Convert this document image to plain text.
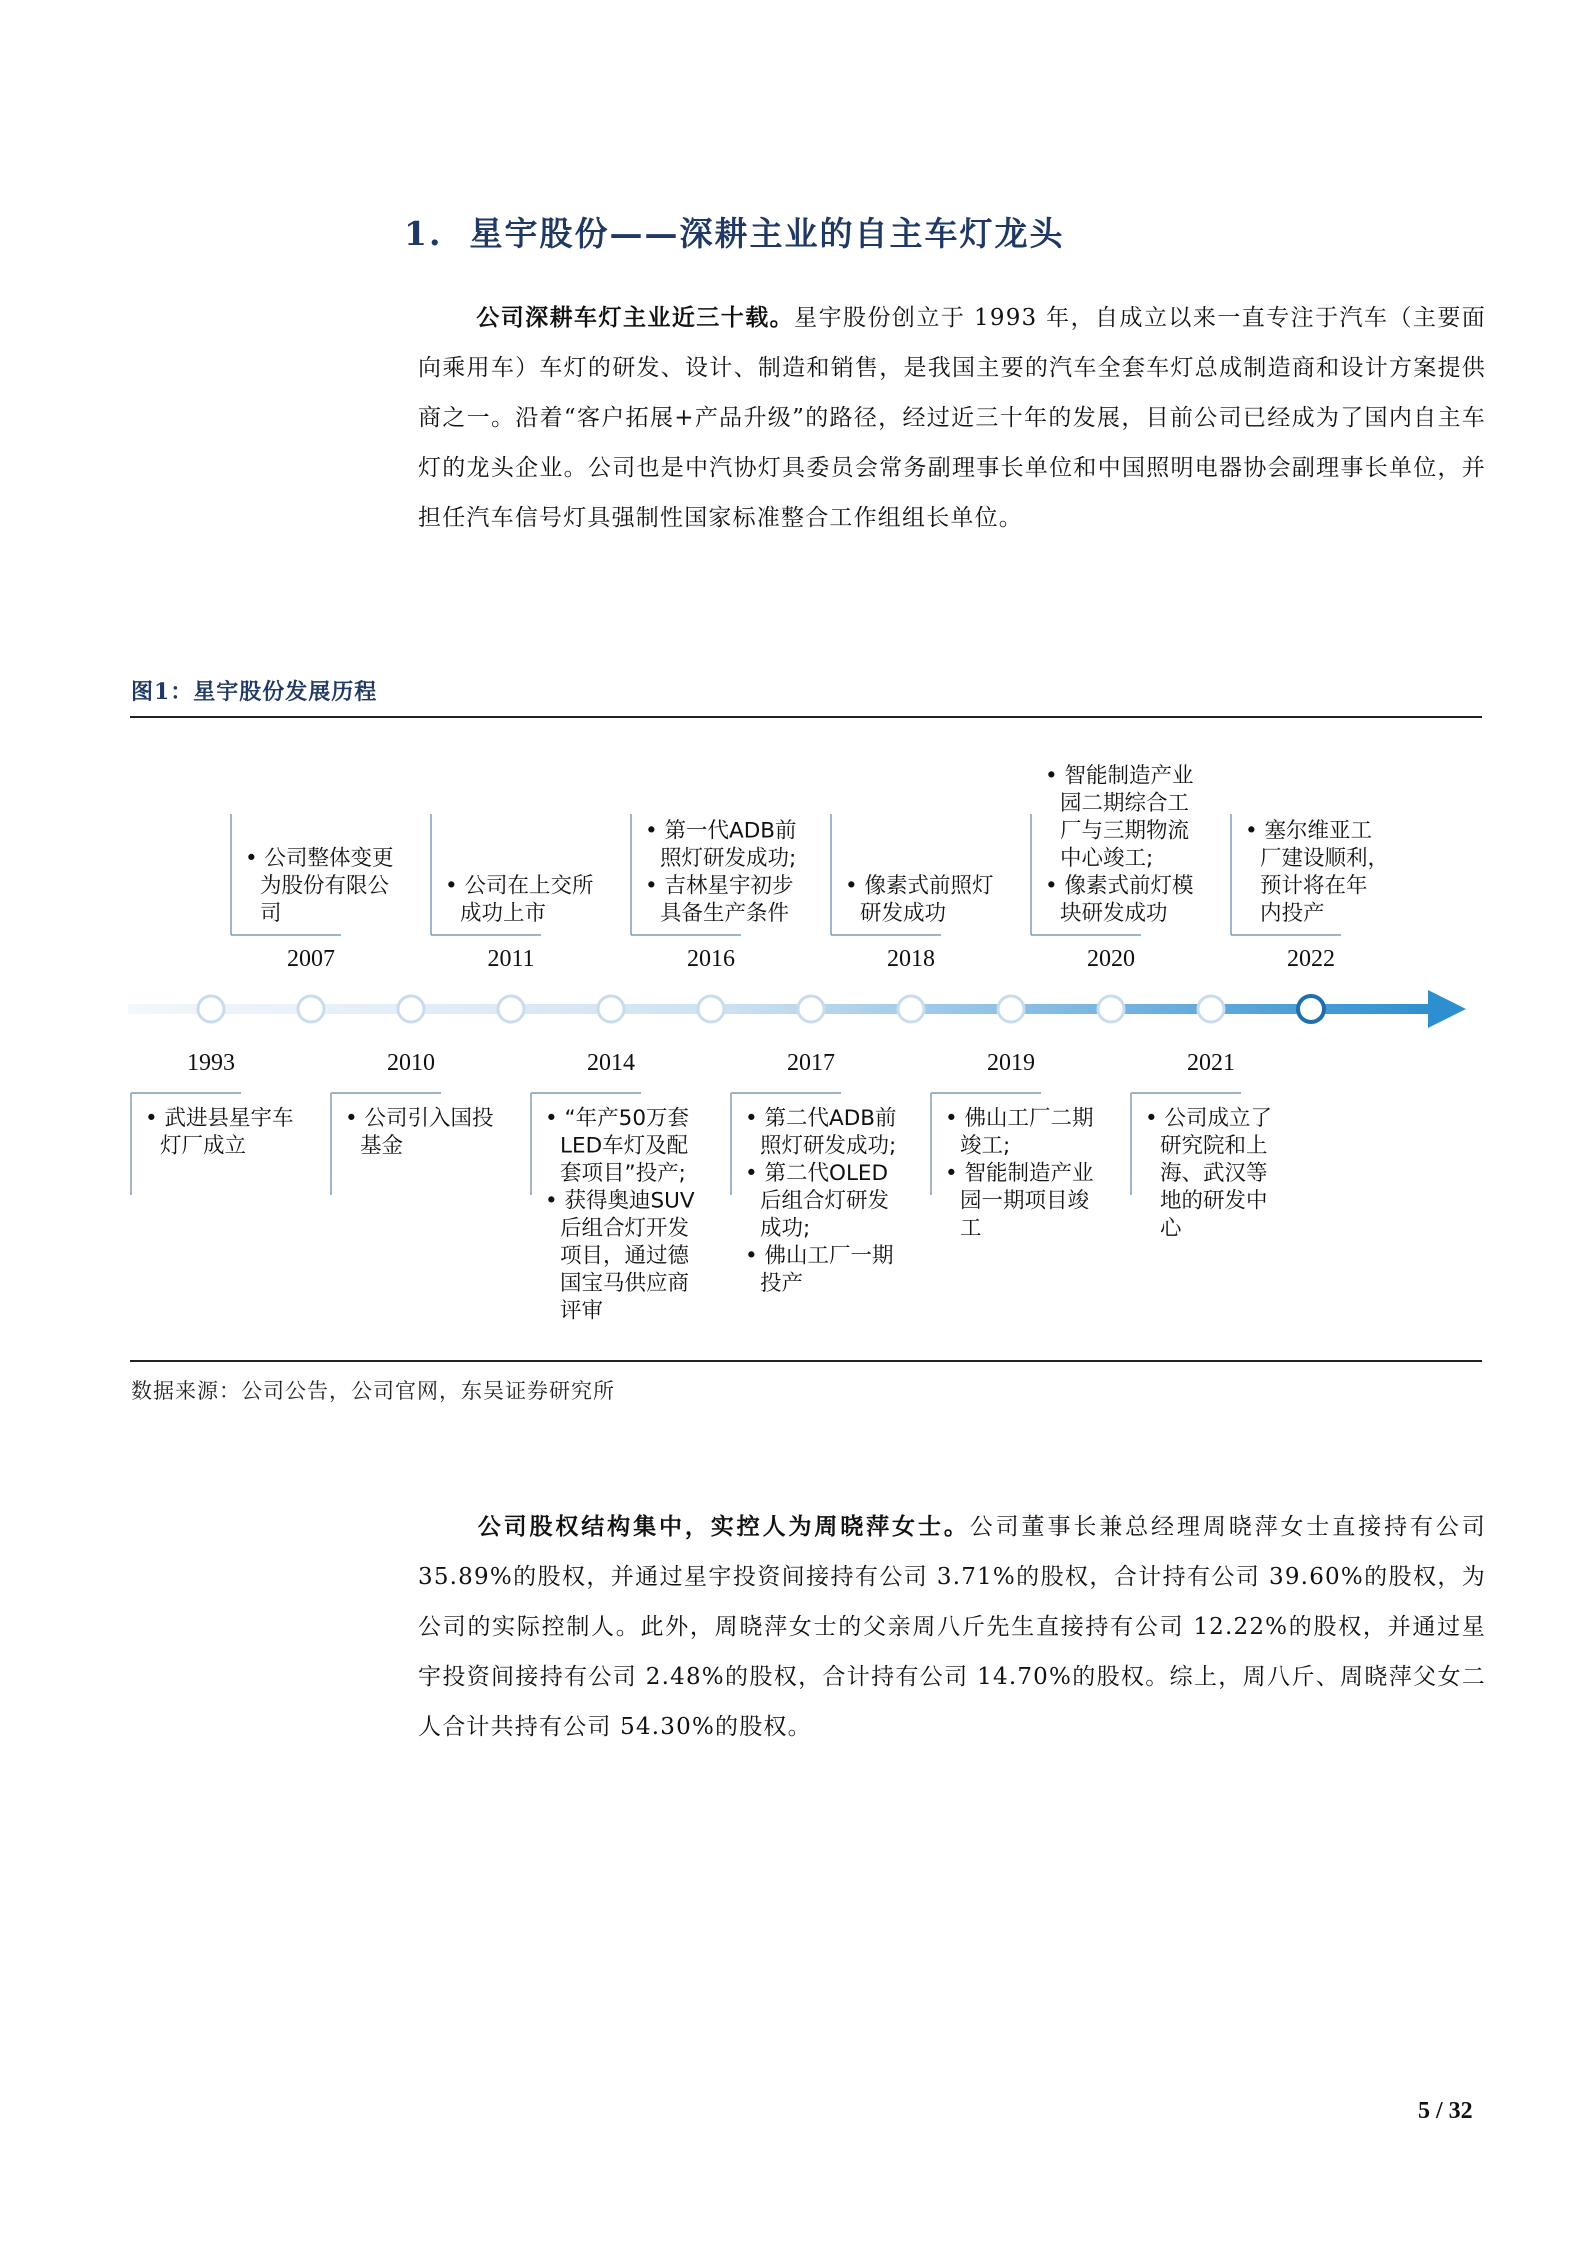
1. 星宇股份——深耕主业的自主车灯龙头

公司深耕车灯主业近三十载。星宇股份创立于 1993 年，自成立以来一直专注于汽车（主要面向乘用车）车灯的研发、设计、制造和销售，是我国主要的汽车全套车灯总成制造商和设计方案提供商之一。沿着“客户拓展+产品升级”的路径，经过近三十年的发展，目前公司已经成为了国内自主车灯的龙头企业。公司也是中汽协灯具委员会常务副理事长单位和中国照明电器协会副理事长单位，并担任汽车信号灯具强制性国家标准整合工作组组长单位。

图1：星宇股份发展历程
1993
• 武进县星宇车灯厂成立
2007
• 公司整体变更为股份有限公司
2010
• 公司引入国投基金
2011
• 公司在上交所成功上市
2014
• “年产50万套 LED车灯及配套项目”投产; • 获得奥迪SUV 后组合灯开发项目，通过德国宝马供应商评审
2016
• 第一代ADB前照灯研发成功; • 吉林星宇初步具备生产条件
2017
• 第二代ADB前照灯研发成功; • 第二代OLED 后组合灯研发成功; • 佛山工厂一期投产
2018
• 像素式前照灯研发成功
2019
• 佛山工厂二期竣工; • 智能制造产业园一期项目竣工
2020
• 智能制造产业园二期综合工厂与三期物流中心竣工; • 像素式前灯模块研发成功
2021
• 公司成立了研究院和上海、武汉等地的研发中心
2022
• 塞尔维亚工厂建设顺利，预计将在年内投产
数据来源：公司公告，公司官网，东吴证券研究所

公司股权结构集中，实控人为周晓萍女士。公司董事长兼总经理周晓萍女士直接持有公司 35.89%的股权，并通过星宇投资间接持有公司 3.71%的股权，合计持有公司 39.60%的股权，为公司的实际控制人。此外，周晓萍女士的父亲周八斤先生直接持有公司 12.22%的股权，并通过星宇投资间接持有公司 2.48%的股权，合计持有公司 14.70%的股权。综上，周八斤、周晓萍父女二人合计共持有公司 54.30%的股权。

5 / 32
